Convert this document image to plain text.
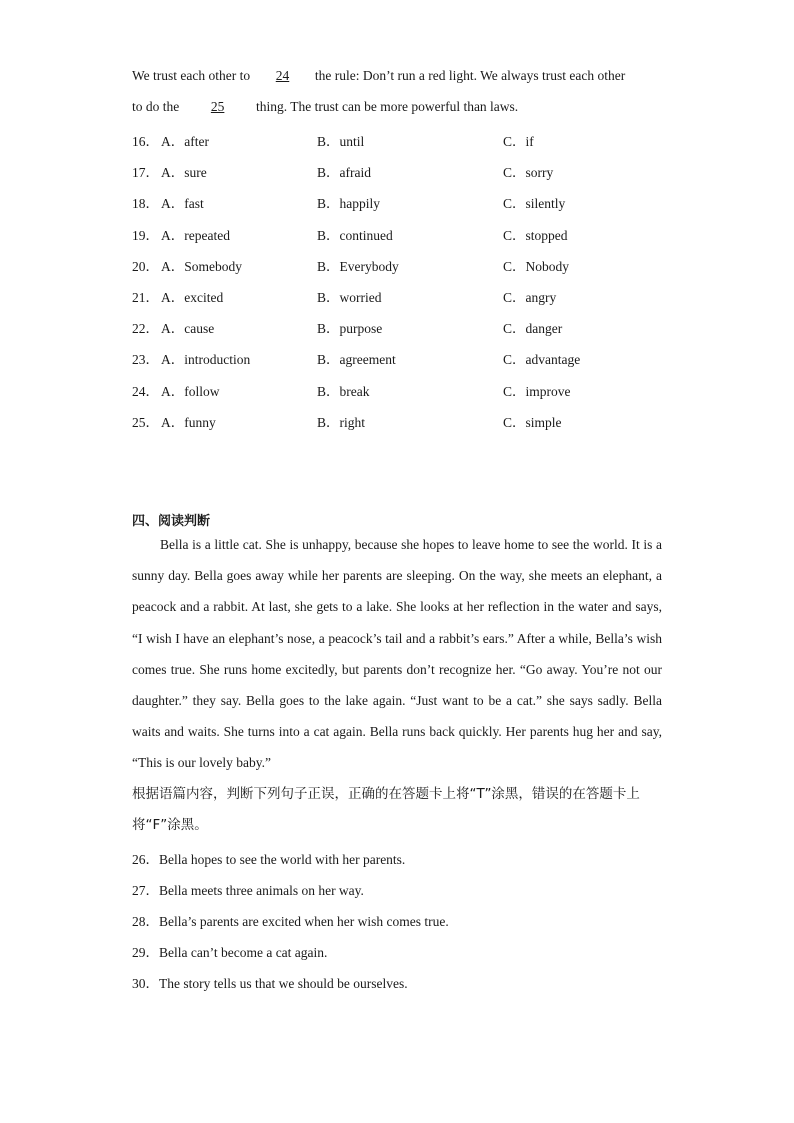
We trust each other to 24 the rule: Don’t run a red light. We always trust each other
to do the 25 thing. The trust can be more powerful than laws.
16． A．after	B．until	C．if
17． A．sure	B．afraid	C．sorry
18． A．fast	B．happily	C．silently
19． A．repeated	B．continued	C．stopped
20． A．Somebody	B．Everybody	C．Nobody
21． A．excited	B．worried	C．angry
22． A．cause	B．purpose	C．danger
23． A．introduction	B．agreement	C．advantage
24． A．follow	B．break	C．improve
25． A．funny	B．right	C．simple
四、阅读判断
Bella is a little cat. She is unhappy, because she hopes to leave home to see the world. It is a sunny day. Bella goes away while her parents are sleeping. On the way, she meets an elephant, a peacock and a rabbit. At last, she gets to a lake. She looks at her reflection in the water and says, “I wish I have an elephant’s nose, a peacock’s tail and a rabbit’s ears.” After a while, Bella’s wish comes true. She runs home excitedly, but parents don’t recognize her. “Go away. You’re not our daughter.” they say. Bella goes to the lake again. “Just want to be a cat.” she says sadly. Bella waits and waits. She turns into a cat again. Bella runs back quickly. Her parents hug her and say, “This is our lovely baby.”
根据语篇内容，判断下列句子正误，正确的在答题卡上将“T”涂黑，错误的在答题卡上将“F”涂黑。
26．Bella hopes to see the world with her parents.
27．Bella meets three animals on her way.
28．Bella’s parents are excited when her wish comes true.
29．Bella can’t become a cat again.
30．The story tells us that we should be ourselves.
